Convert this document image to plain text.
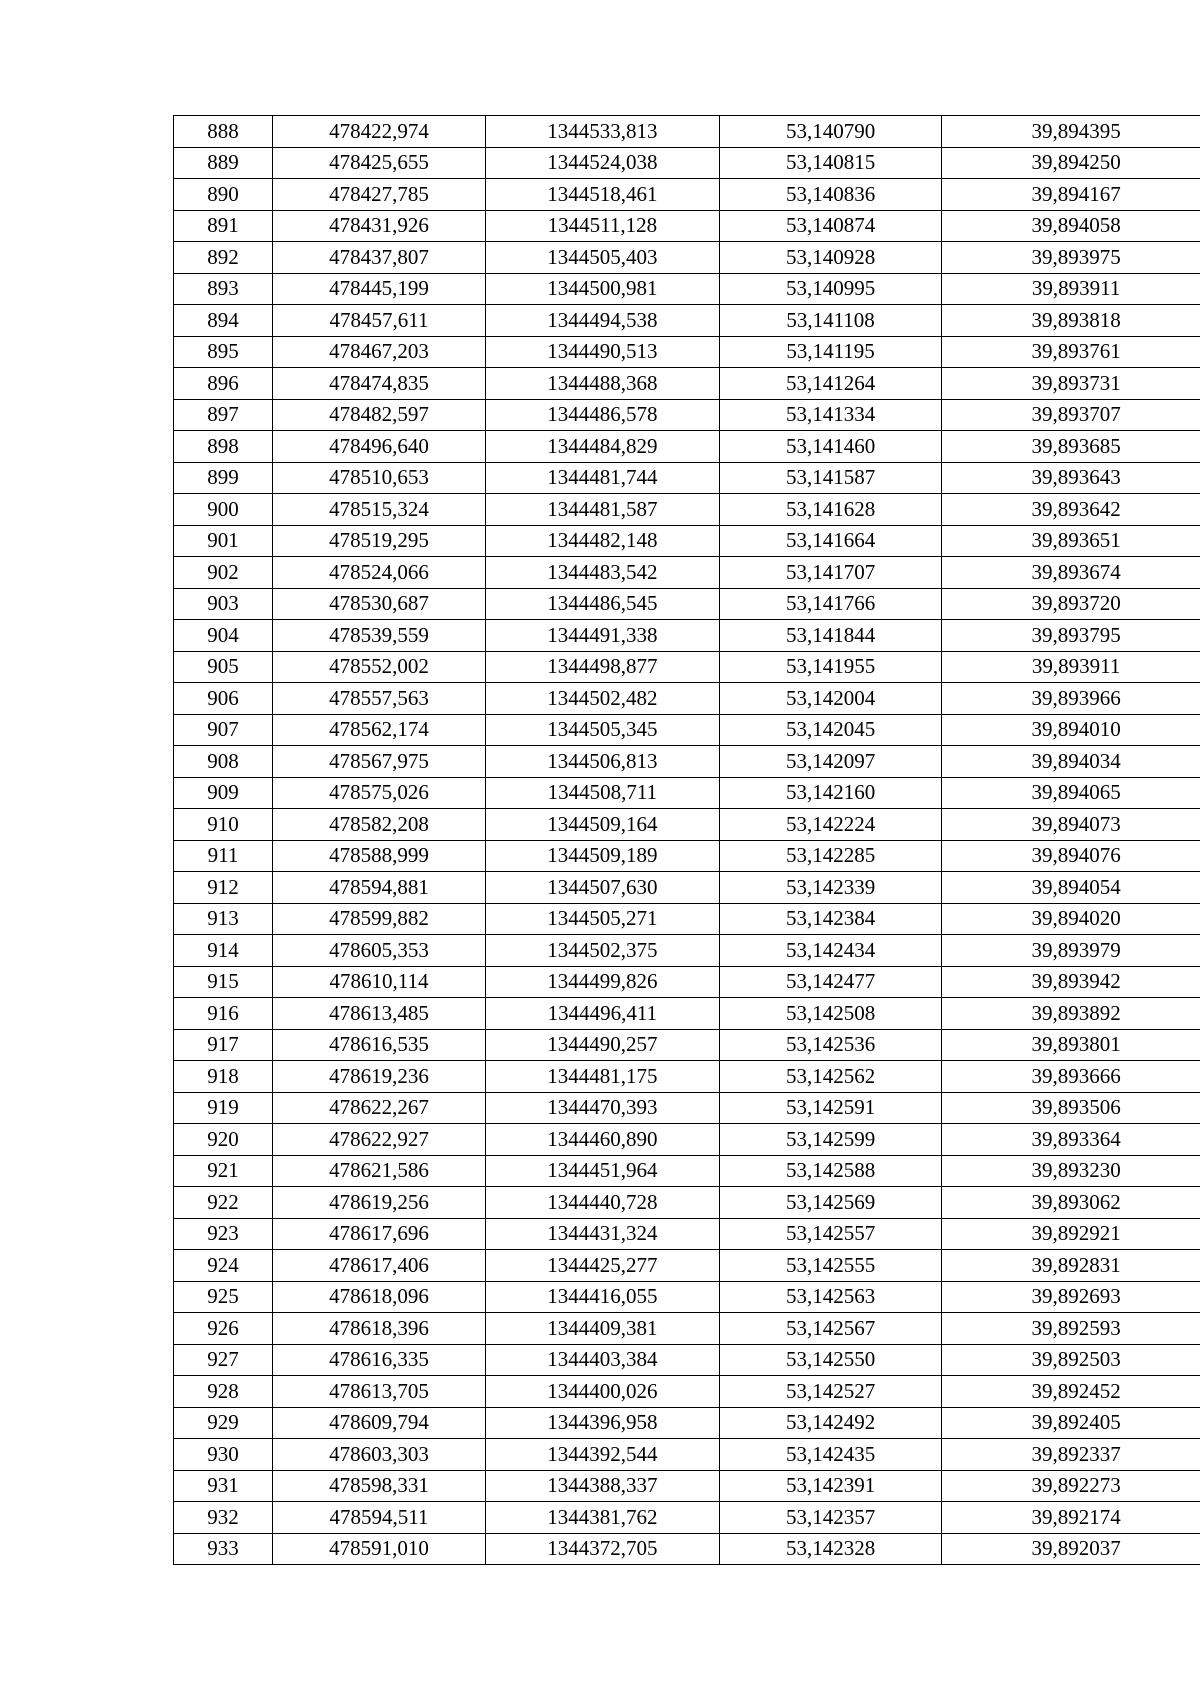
888	478422,974	1344533,813	53,140790	39,894395
889	478425,655	1344524,038	53,140815	39,894250
890	478427,785	1344518,461	53,140836	39,894167
891	478431,926	1344511,128	53,140874	39,894058
892	478437,807	1344505,403	53,140928	39,893975
893	478445,199	1344500,981	53,140995	39,893911
894	478457,611	1344494,538	53,141108	39,893818
895	478467,203	1344490,513	53,141195	39,893761
896	478474,835	1344488,368	53,141264	39,893731
897	478482,597	1344486,578	53,141334	39,893707
898	478496,640	1344484,829	53,141460	39,893685
899	478510,653	1344481,744	53,141587	39,893643
900	478515,324	1344481,587	53,141628	39,893642
901	478519,295	1344482,148	53,141664	39,893651
902	478524,066	1344483,542	53,141707	39,893674
903	478530,687	1344486,545	53,141766	39,893720
904	478539,559	1344491,338	53,141844	39,893795
905	478552,002	1344498,877	53,141955	39,893911
906	478557,563	1344502,482	53,142004	39,893966
907	478562,174	1344505,345	53,142045	39,894010
908	478567,975	1344506,813	53,142097	39,894034
909	478575,026	1344508,711	53,142160	39,894065
910	478582,208	1344509,164	53,142224	39,894073
911	478588,999	1344509,189	53,142285	39,894076
912	478594,881	1344507,630	53,142339	39,894054
913	478599,882	1344505,271	53,142384	39,894020
914	478605,353	1344502,375	53,142434	39,893979
915	478610,114	1344499,826	53,142477	39,893942
916	478613,485	1344496,411	53,142508	39,893892
917	478616,535	1344490,257	53,142536	39,893801
918	478619,236	1344481,175	53,142562	39,893666
919	478622,267	1344470,393	53,142591	39,893506
920	478622,927	1344460,890	53,142599	39,893364
921	478621,586	1344451,964	53,142588	39,893230
922	478619,256	1344440,728	53,142569	39,893062
923	478617,696	1344431,324	53,142557	39,892921
924	478617,406	1344425,277	53,142555	39,892831
925	478618,096	1344416,055	53,142563	39,892693
926	478618,396	1344409,381	53,142567	39,892593
927	478616,335	1344403,384	53,142550	39,892503
928	478613,705	1344400,026	53,142527	39,892452
929	478609,794	1344396,958	53,142492	39,892405
930	478603,303	1344392,544	53,142435	39,892337
931	478598,331	1344388,337	53,142391	39,892273
932	478594,511	1344381,762	53,142357	39,892174
933	478591,010	1344372,705	53,142328	39,892037
